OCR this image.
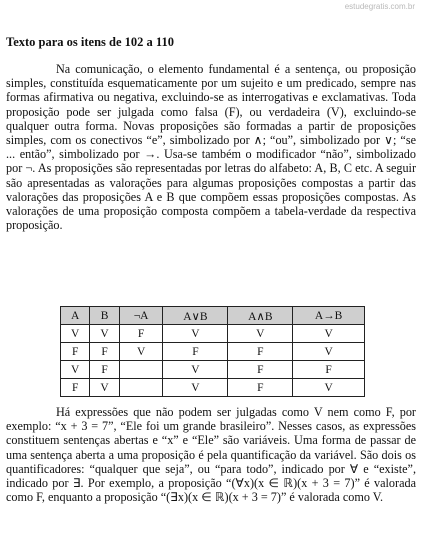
estudegratis.com.br
Texto para os itens de 102 a 110

Na comunicação, o elemento fundamental é a sentença, ou proposição simples, constituída esquematicamente por um sujeito e um predicado, sempre nas formas afirmativa ou negativa, excluindo-se as interrogativas e exclamativas. Toda proposição pode ser julgada como falsa (F), ou verdadeira (V), excluindo-se qualquer outra forma. Novas proposições são formadas a partir de proposições simples, com os conectivos “e”, simbolizado por ∧; “ou”, simbolizado por ∨; “se ... então”, simbolizado por →. Usa-se também o modificador “não”, simbolizado por ¬. As proposições são representadas por letras do alfabeto: A, B, C etc. A seguir são apresentadas as valorações para algumas proposições compostas a partir das valorações das proposições A e B que compõem essas proposições compostas. As valorações de uma proposição composta compõem a tabela-verdade da respectiva proposição.

A	B	¬A	A∨B	A∧B	A→B
V	V	F	V	V	V
F	F	V	F	F	V
V	F		V	F	F
F	V		V	F	V

Há expressões que não podem ser julgadas como V nem como F, por exemplo: “x + 3 = 7”, “Ele foi um grande brasileiro”. Nesses casos, as expressões constituem sentenças abertas e “x” e “Ele” são variáveis. Uma forma de passar de uma sentença aberta a uma proposição é pela quantificação da variável. São dois os quantificadores: “qualquer que seja”, ou “para todo”, indicado por ∀ e “existe”, indicado por ∃. Por exemplo, a proposição “(∀x)(x ∈ ℝ)(x + 3 = 7)” é valorada como F, enquanto a proposição “(∃x)(x ∈ ℝ)(x + 3 = 7)” é valorada como V.
